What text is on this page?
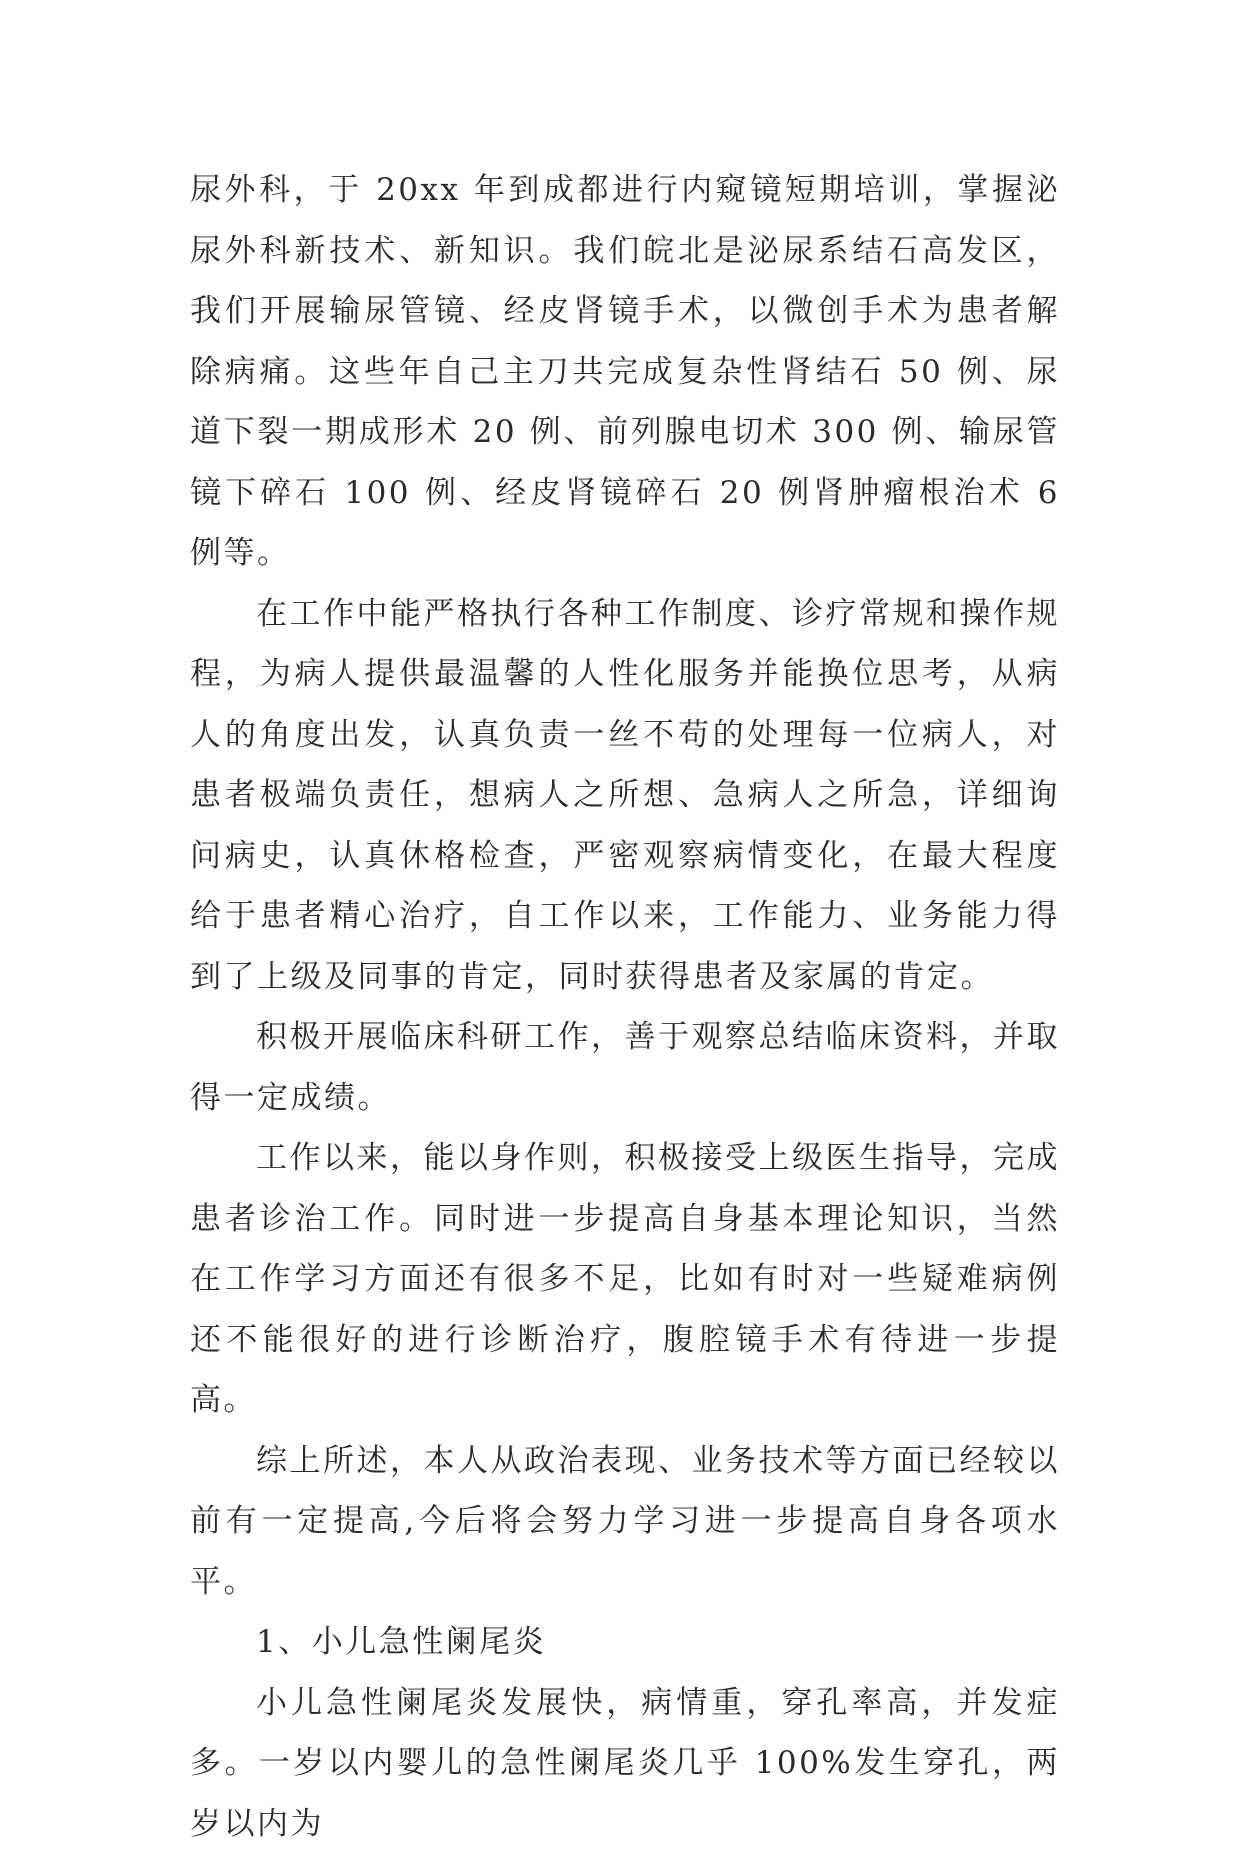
尿外科，于 20xx 年到成都进行内窥镜短期培训，掌握泌尿外科新技术、新知识。我们皖北是泌尿系结石高发区，我们开展输尿管镜、经皮肾镜手术，以微创手术为患者解除病痛。这些年自己主刀共完成复杂性肾结石 50 例、尿道下裂一期成形术 20 例、前列腺电切术 300 例、输尿管镜下碎石 100 例、经皮肾镜碎石 20 例肾肿瘤根治术 6 例等。

在工作中能严格执行各种工作制度、诊疗常规和操作规程，为病人提供最温馨的人性化服务并能换位思考，从病人的角度出发，认真负责一丝不苟的处理每一位病人，对患者极端负责任，想病人之所想、急病人之所急，详细询问病史，认真休格检查，严密观察病情变化，在最大程度给于患者精心治疗，自工作以来，工作能力、业务能力得到了上级及同事的肯定，同时获得患者及家属的肯定。

积极开展临床科研工作，善于观察总结临床资料，并取得一定成绩。

工作以来，能以身作则，积极接受上级医生指导，完成患者诊治工作。同时进一步提高自身基本理论知识，当然在工作学习方面还有很多不足，比如有时对一些疑难病例还不能很好的进行诊断治疗，腹腔镜手术有待进一步提高。

综上所述，本人从政治表现、业务技术等方面已经较以前有一定提高,今后将会努力学习进一步提高自身各项水平。

1、小儿急性阑尾炎

小儿急性阑尾炎发展快，病情重，穿孔率高，并发症多。一岁以内婴儿的急性阑尾炎几乎 100%发生穿孔，两岁以内为
